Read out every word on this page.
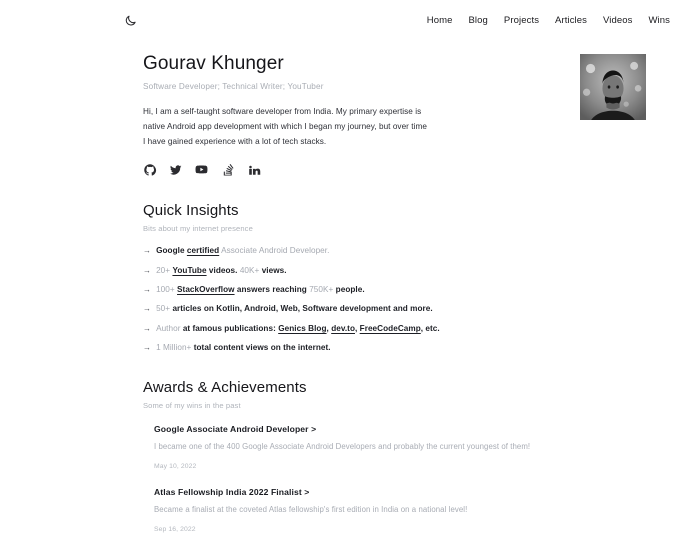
Home Blog Projects Articles Videos Wins
Gourav Khunger
Software Developer; Technical Writer; YouTuber

Hi, I am a self-taught software developer from India. My primary expertise is native Android app development with which I began my journey, but over time I have gained experience with a lot of tech stacks.

Quick Insights
Bits about my internet presence
→ Google certified Associate Android Developer.
→ 20+ YouTube videos. 40K+ views.
→ 100+ StackOverflow answers reaching 750K+ people.
→ 50+ articles on Kotlin, Android, Web, Software development and more.
→ Author at famous publications: Genics Blog, dev.to, FreeCodeCamp, etc.
→ 1 Million+ total content views on the internet.
Awards & Achievements
Some of my wins in the past
Google Associate Android Developer >
I became one of the 400 Google Associate Android Developers and probably the current youngest of them!
May 10, 2022
Atlas Fellowship India 2022 Finalist >
Became a finalist at the coveted Atlas fellowship's first edition in India on a national level!
Sep 16, 2022
